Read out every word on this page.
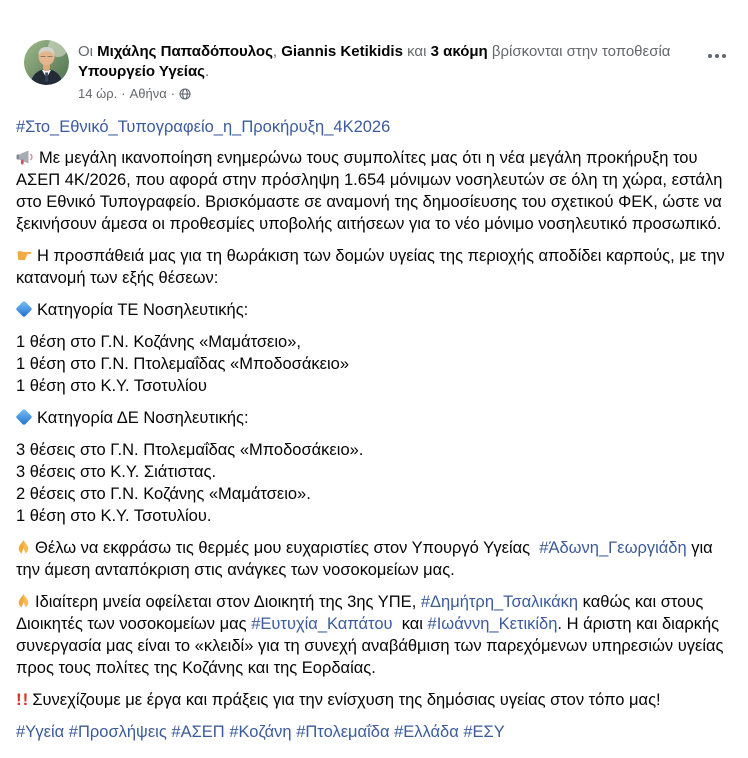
Οι Μιχάλης Παπαδόπουλος, Giannis Ketikidis και 3 ακόμη βρίσκονται στην τοποθεσία Υπουργείο Υγείας.
14 ώρ. · Αθήνα ·
#Στο_Εθνικό_Τυπογραφείο_η_Προκήρυξη_4Κ2026

Με μεγάλη ικανοποίηση ενημερώνω τους συμπολίτες μας ότι η νέα μεγάλη προκήρυξη του ΑΣΕΠ 4Κ/2026, που αφορά στην πρόσληψη 1.654 μόνιμων νοσηλευτών σε όλη τη χώρα, εστάλη στο Εθνικό Τυπογραφείο. Βρισκόμαστε σε αναμονή της δημοσίευσης του σχετικού ΦΕΚ, ώστε να ξεκινήσουν άμεσα οι προθεσμίες υποβολής αιτήσεων για το νέο μόνιμο νοσηλευτικό προσωπικό.

☛ Η προσπάθειά μας για τη θωράκιση των δομών υγείας της περιοχής αποδίδει καρπούς, με την κατανομή των εξής θέσεων:

Κατηγορία ΤΕ Νοσηλευτικής:

1 θέση στο Γ.Ν. Κοζάνης «Μαμάτσειο»,
1 θέση στο Γ.Ν. Πτολεμαΐδας «Μποδοσάκειο»
1 θέση στο Κ.Υ. Τσοτυλίου

Κατηγορία ΔΕ Νοσηλευτικής:

3 θέσεις στο Γ.Ν. Πτολεμαΐδας «Μποδοσάκειο».
3 θέσεις στο Κ.Υ. Σιάτιστας.
2 θέσεις στο Γ.Ν. Κοζάνης «Μαμάτσειο».
1 θέση στο Κ.Υ. Τσοτυλίου.

Θέλω να εκφράσω τις θερμές μου ευχαριστίες στον Υπουργό Υγείας  #Άδωνη_Γεωργιάδη για την άμεση ανταπόκριση στις ανάγκες των νοσοκομείων μας.

Ιδιαίτερη μνεία οφείλεται στον Διοικητή της 3ης ΥΠΕ, #Δημήτρη_Τσαλικάκη καθώς και στους Διοικητές των νοσοκομείων μας #Ευτυχία_Καπάτου  και #Ιωάννη_Κετικίδη. Η άριστη και διαρκής συνεργασία μας είναι το «κλειδί» για τη συνεχή αναβάθμιση των παρεχόμενων υπηρεσιών υγείας προς τους πολίτες της Κοζάνης και της Εορδαίας.

!! Συνεχίζουμε με έργα και πράξεις για την ενίσχυση της δημόσιας υγείας στον τόπο μας!

#Υγεία #Προσλήψεις #ΑΣΕΠ #Κοζάνη #Πτολεμαΐδα #Ελλάδα #ΕΣΥ
